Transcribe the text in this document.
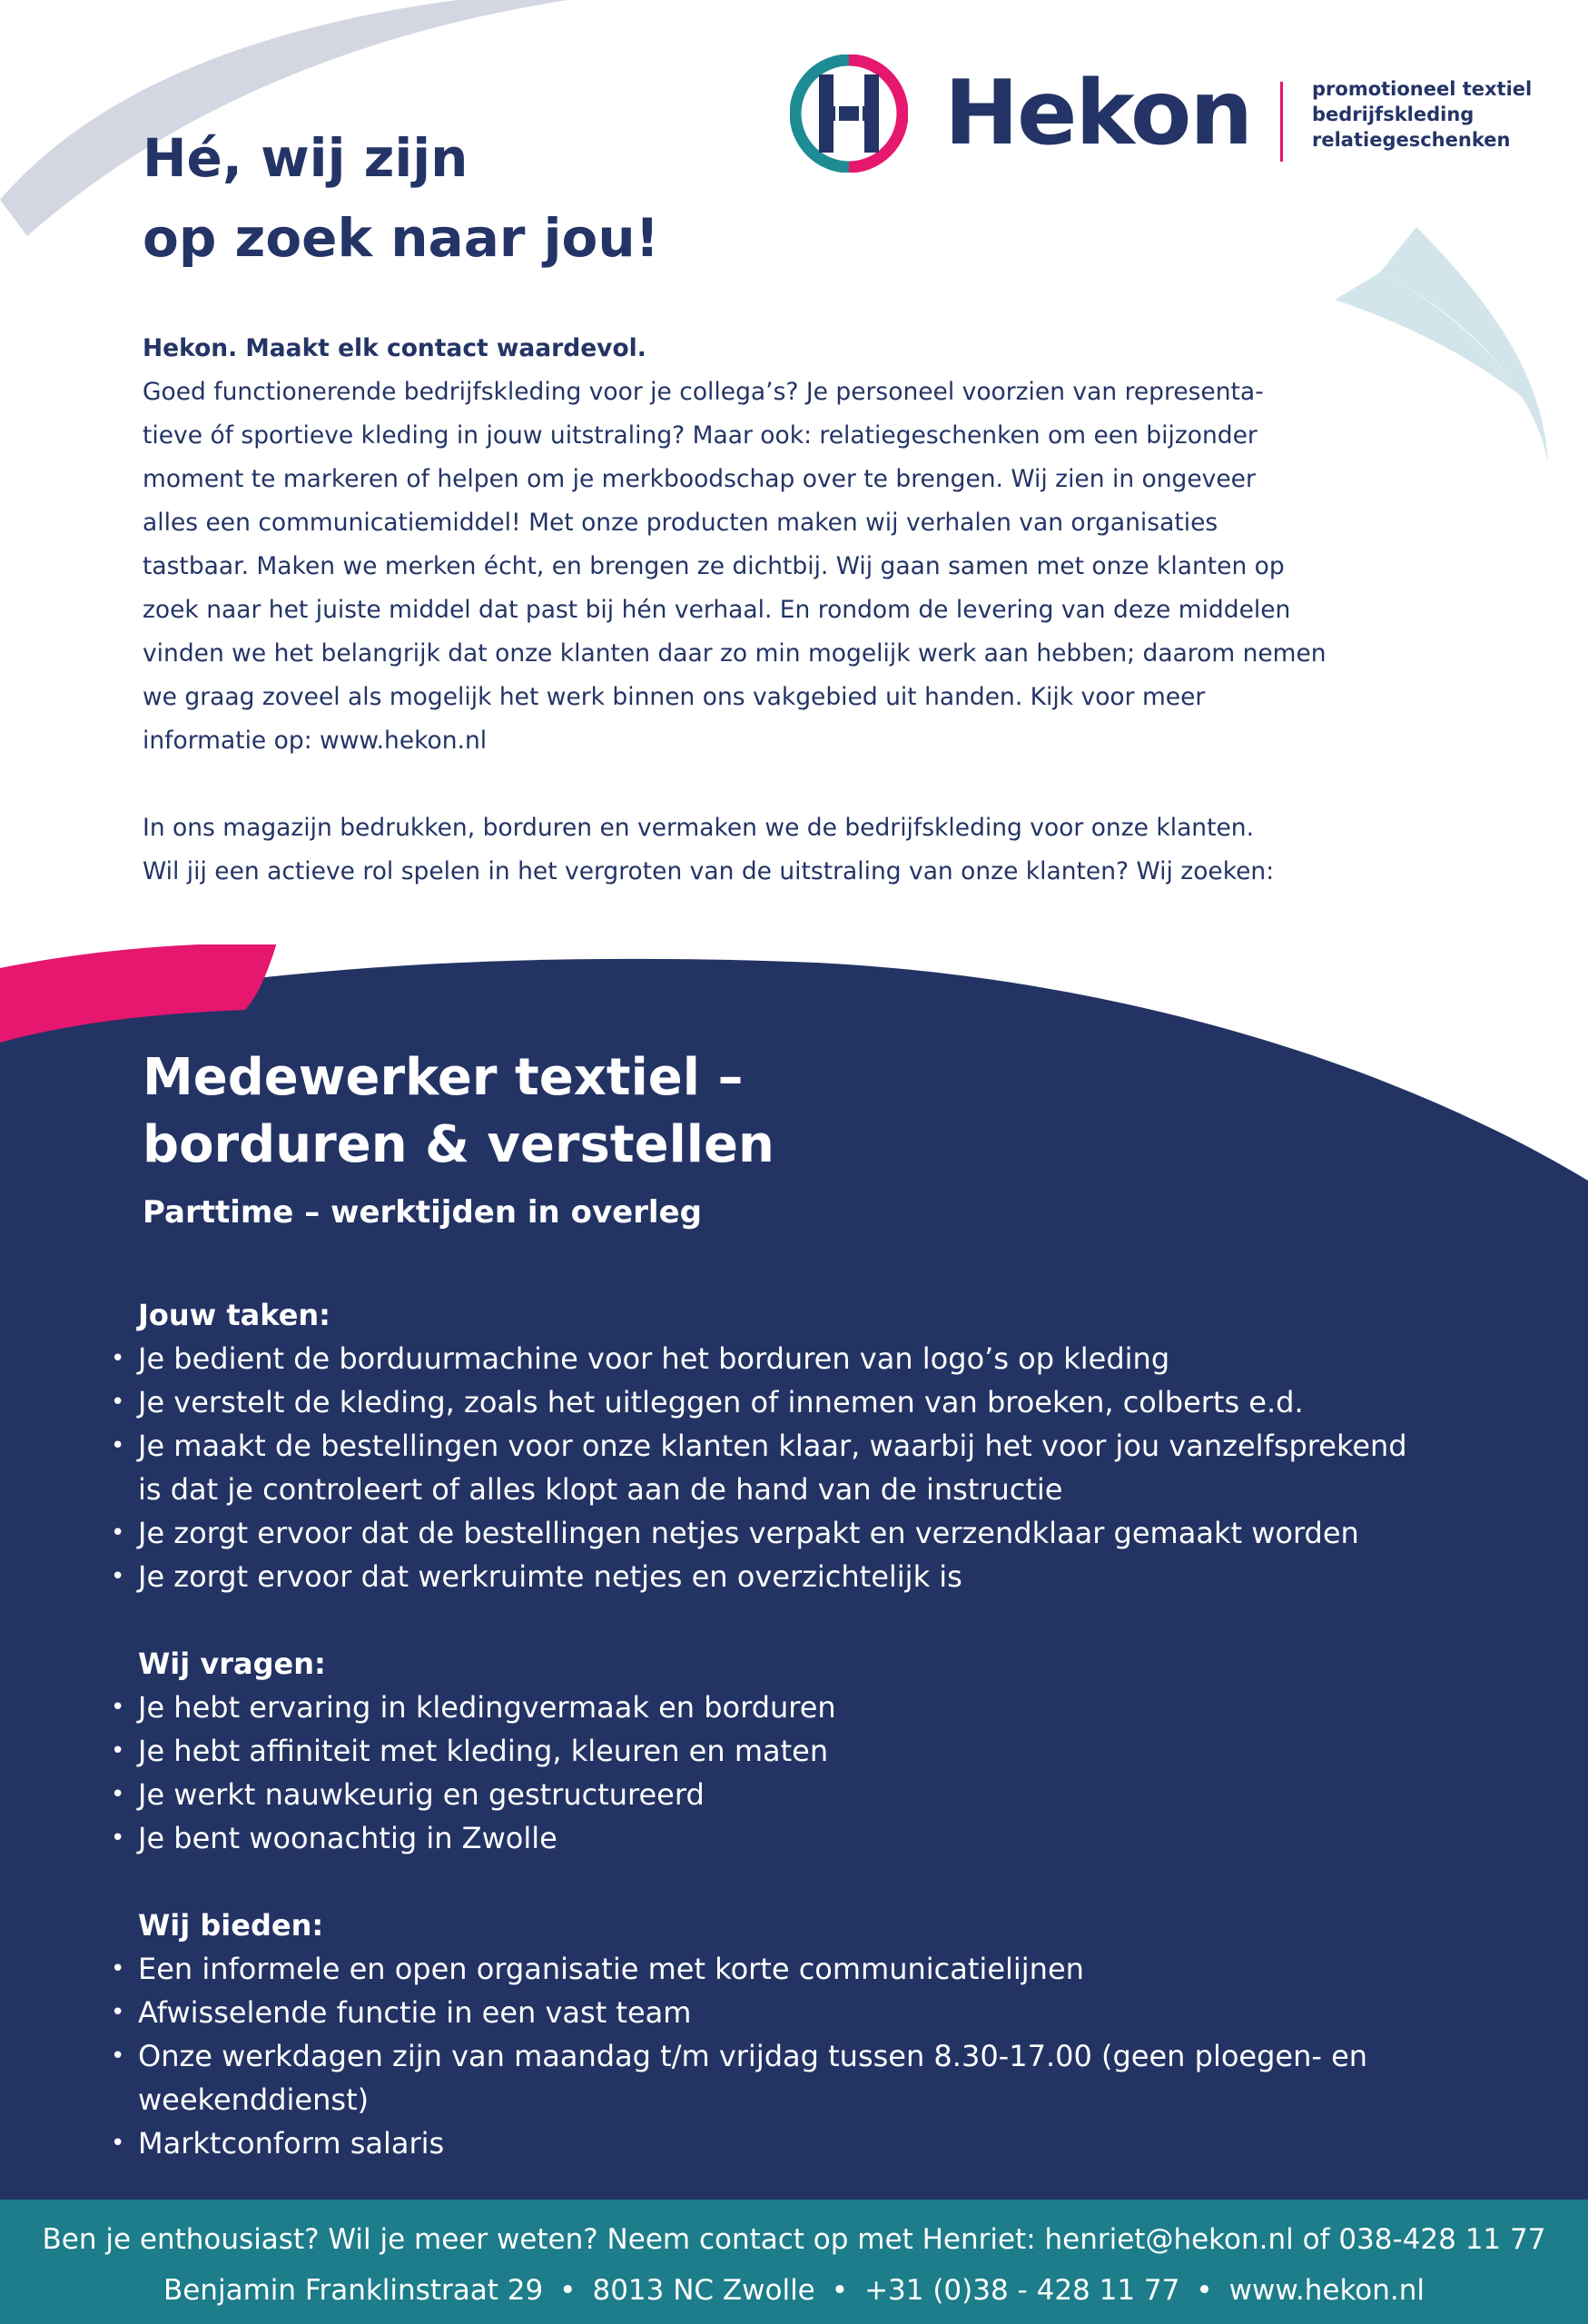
Hé, wij zijn
op zoek naar jou!
Hekon	promotioneel textiel
bedrijfskleding
relatiegeschenken

Hekon. Maakt elk contact waardevol.

Goed functionerende bedrijfskleding voor je collega’s? Je personeel voorzien van representa-

tieve óf sportieve kleding in jouw uitstraling? Maar ook: relatiegeschenken om een bijzonder

moment te markeren of helpen om je merkboodschap over te brengen. Wij zien in ongeveer

alles een communicatiemiddel! Met onze producten maken wij verhalen van organisaties

tastbaar. Maken we merken écht, en brengen ze dichtbij. Wij gaan samen met onze klanten op

zoek naar het juiste middel dat past bij hén verhaal. En rondom de levering van deze middelen

vinden we het belangrijk dat onze klanten daar zo min mogelijk werk aan hebben; daarom nemen

we graag zoveel als mogelijk het werk binnen ons vakgebied uit handen. Kijk voor meer

informatie op: www.hekon.nl

In ons magazijn bedrukken, borduren en vermaken we de bedrijfskleding voor onze klanten.

Wil jij een actieve rol spelen in het vergroten van de uitstraling van onze klanten? Wij zoeken:

Medewerker textiel –
borduren & verstellen

Parttime – werktijden in overleg

Jouw taken:

• Je bedient de borduurmachine voor het borduren van logo’s op kleding
• Je verstelt de kleding, zoals het uitleggen of innemen van broeken, colberts e.d.
• Je maakt de bestellingen voor onze klanten klaar, waarbij het voor jou vanzelfsprekend
is dat je controleert of alles klopt aan de hand van de instructie
• Je zorgt ervoor dat de bestellingen netjes verpakt en verzendklaar gemaakt worden
• Je zorgt ervoor dat werkruimte netjes en overzichtelijk is

Wij vragen:

• Je hebt ervaring in kledingvermaak en borduren
• Je hebt affiniteit met kleding, kleuren en maten
• Je werkt nauwkeurig en gestructureerd
• Je bent woonachtig in Zwolle

Wij bieden:

• Een informele en open organisatie met korte communicatielijnen
• Afwisselende functie in een vast team
• Onze werkdagen zijn van maandag t/m vrijdag tussen 8.30-17.00 (geen ploegen- en
weekenddienst)
• Marktconform salaris
Ben je enthousiast? Wil je meer weten? Neem contact op met Henriet: henriet@hekon.nl of 038-428 11 77
Benjamin Franklinstraat 29 • 8013 NC Zwolle • +31 (0)38 - 428 11 77 • www.hekon.nl
